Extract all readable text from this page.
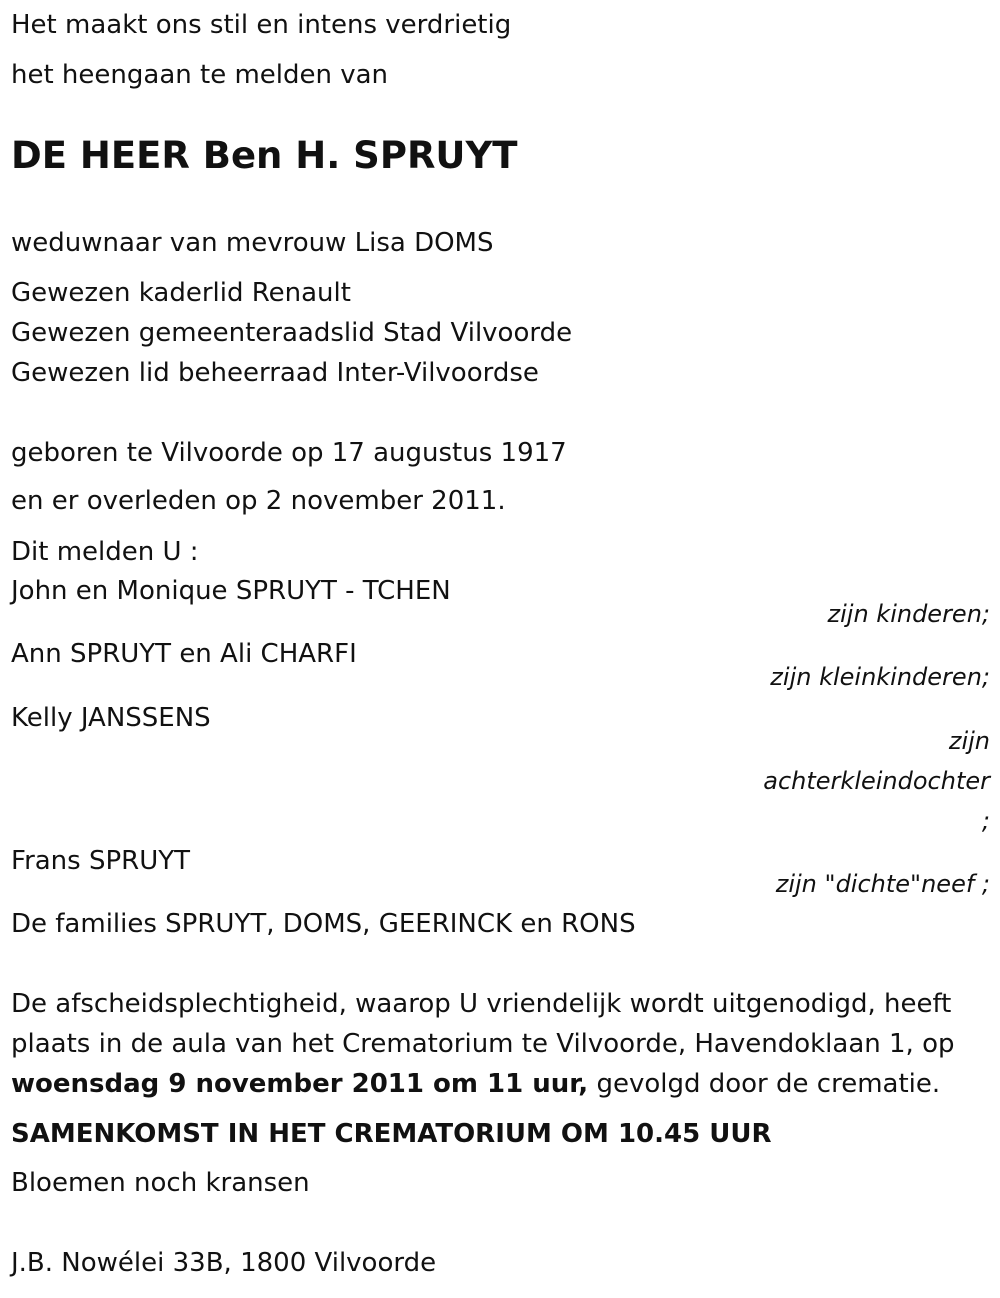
Het maakt ons stil en intens verdrietig
het heengaan te melden van
DE HEER Ben H. SPRUYT
weduwnaar van mevrouw Lisa DOMS
Gewezen kaderlid Renault
Gewezen gemeenteraadslid Stad Vilvoorde
Gewezen lid beheerraad Inter-Vilvoordse
geboren te Vilvoorde op 17 augustus 1917
en er overleden op 2 november 2011.
Dit melden U :
John en Monique SPRUYT - TCHEN
zijn kinderen;
Ann SPRUYT en Ali CHARFI
zijn kleinkinderen;
Kelly JANSSENS
zijn
achterkleindochter
;
Frans SPRUYT
zijn "dichte"neef ;
De families SPRUYT, DOMS, GEERINCK en RONS
De afscheidsplechtigheid, waarop U vriendelijk wordt uitgenodigd, heeft
plaats in de aula van het Crematorium te Vilvoorde, Havendoklaan 1, op
woensdag 9 november 2011 om 11 uur, gevolgd door de crematie.
SAMENKOMST IN HET CREMATORIUM OM 10.45 UUR
Bloemen noch kransen
J.B. Nowélei 33B, 1800 Vilvoorde
